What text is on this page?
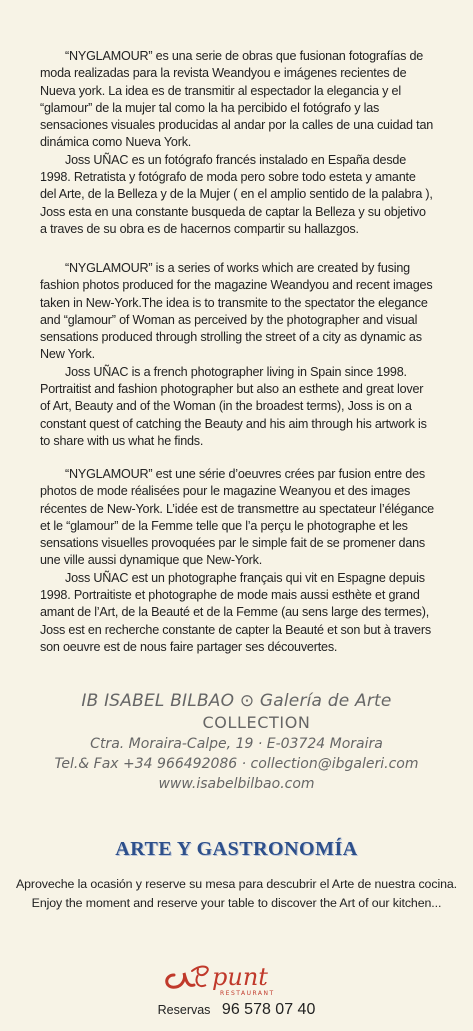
“NYGLAMOUR” es una serie de obras que fusionan fotografías de moda realizadas para la revista Weandyou e imágenes recientes de Nueva york. La idea es de transmitir al espectador la elegancia y el “glamour” de la mujer tal como la ha percibido el fotógrafo y las sensaciones visuales producidas al andar por la calles de una cuidad tan dinámica como Nueva York.

Joss UÑAC es un fotógrafo francés instalado en España desde 1998. Retratista y fotógrafo de moda pero sobre todo esteta y amante del Arte, de la Belleza y de la Mujer ( en el amplio sentido de la palabra ), Joss esta en una constante busqueda de captar la Belleza y su objetivo a traves de su obra es de hacernos compartir su hallazgos.

“NYGLAMOUR” is a series of works which are created by fusing fashion photos produced for the magazine Weandyou and recent images taken in New-York.The idea is to transmite to the spectator the elegance and “glamour” of Woman as perceived by the photographer and visual sensations produced through strolling the street of a city as dynamic as New York.

Joss UÑAC is a french photographer living in Spain since 1998. Portraitist and fashion photographer but also an esthete and great lover of Art, Beauty and of the Woman (in the broadest terms), Joss is on a constant quest of catching the Beauty and his aim through his artwork is to share with us what he finds.

“NYGLAMOUR” est une série d’oeuvres crées par fusion entre des photos de mode réalisées pour le magazine Weanyou et des images récentes de New-York. L’idée est de transmettre au spectateur l’élégance et le “glamour” de la Femme telle que l’a perçu le photographe et les sensations visuelles provoquées par le simple fait de se promener dans une ville aussi dynamique que New-York.

Joss UÑAC est un photographe français qui vit en Espagne depuis 1998. Portraitiste et photographe de mode mais aussi esthète et grand amant de l’Art, de la Beauté et de la Femme (au sens large des termes), Joss est en recherche constante de capter la Beauté et son but à travers son oeuvre est de nous faire partager ses découvertes.

IB ISABEL BILBAO ⊙ Galería de Arte
COLLECTION
Ctra. Moraira-Calpe, 19 · E-03724 Moraira
Tel.& Fax +34 966492086 · collection@ibgaleri.com
www.isabelbilbao.com
ARTE Y GASTRONOMÍA
Aproveche la ocasión y reserve su mesa para descubrir el Arte de nuestra cocina.
Enjoy the moment and reserve your table to discover the Art of our kitchen...
punt
RESTAURANT
Reservas 96 578 07 40
